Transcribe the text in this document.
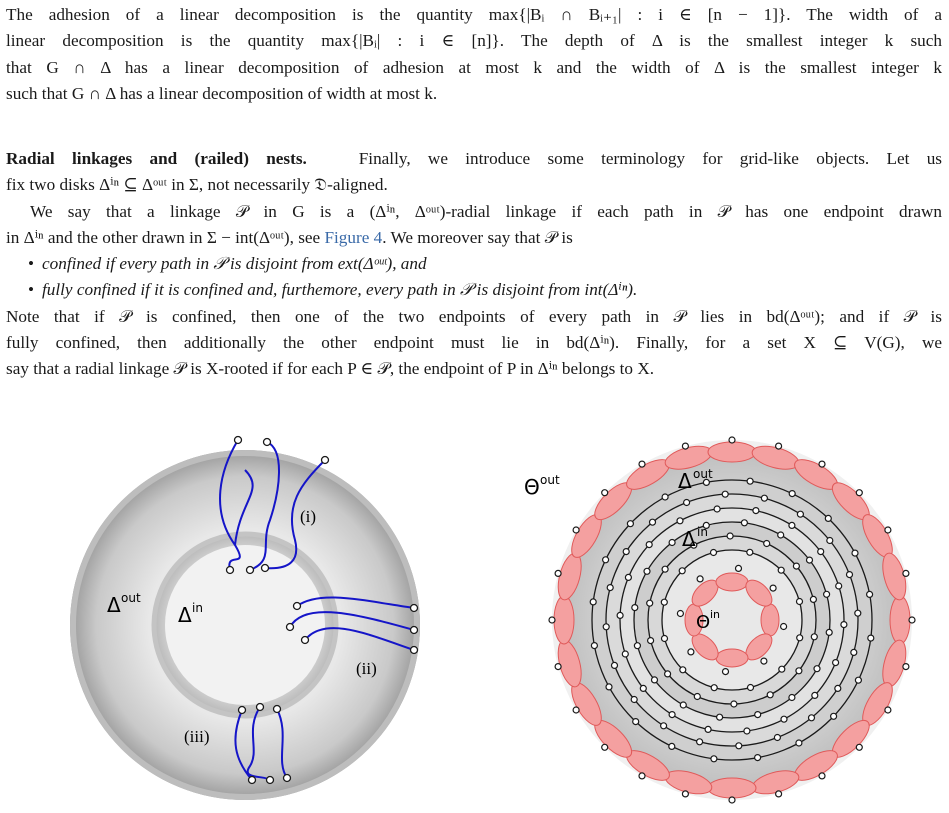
The adhesion of a linear decomposition is the quantity max{|Bᵢ ∩ Bᵢ₊₁| : i ∈ [n − 1]}. The width of a
linear decomposition is the quantity max{|Bᵢ| : i ∈ [n]}. The depth of Δ is the smallest integer k such
that G ∩ Δ has a linear decomposition of adhesion at most k and the width of Δ is the smallest integer k
such that G ∩ Δ has a linear decomposition of width at most k.
Radial linkages and (railed) nests.	Finally, we introduce some terminology for grid-like objects. Let us
fix two disks Δⁱⁿ ⊆ Δᵒᵘᵗ in Σ, not necessarily 𝔇-aligned.
We say that a linkage 𝒫 in G is a (Δⁱⁿ, Δᵒᵘᵗ)-radial linkage if each path in 𝒫 has one endpoint drawn
in Δⁱⁿ and the other drawn in Σ − int(Δᵒᵘᵗ), see Figure 4. We moreover say that 𝒫 is
• confined if every path in 𝒫 is disjoint from ext(Δᵒᵘᵗ), and
• fully confined if it is confined and, furthemore, every path in 𝒫 is disjoint from int(Δⁱⁿ).
Note that if 𝒫 is confined, then one of the two endpoints of every path in 𝒫 lies in bd(Δᵒᵘᵗ); and if 𝒫 is
fully confined, then additionally the other endpoint must lie in bd(Δⁱⁿ). Finally, for a set X ⊆ V(G), we
say that a radial linkage 𝒫 is X-rooted if for each P ∈ 𝒫, the endpoint of P in Δⁱⁿ belongs to X.
Δ out
Δ in
(i)
(ii)
(iii)
Θ out	Δ out
Δ in
Θ in
